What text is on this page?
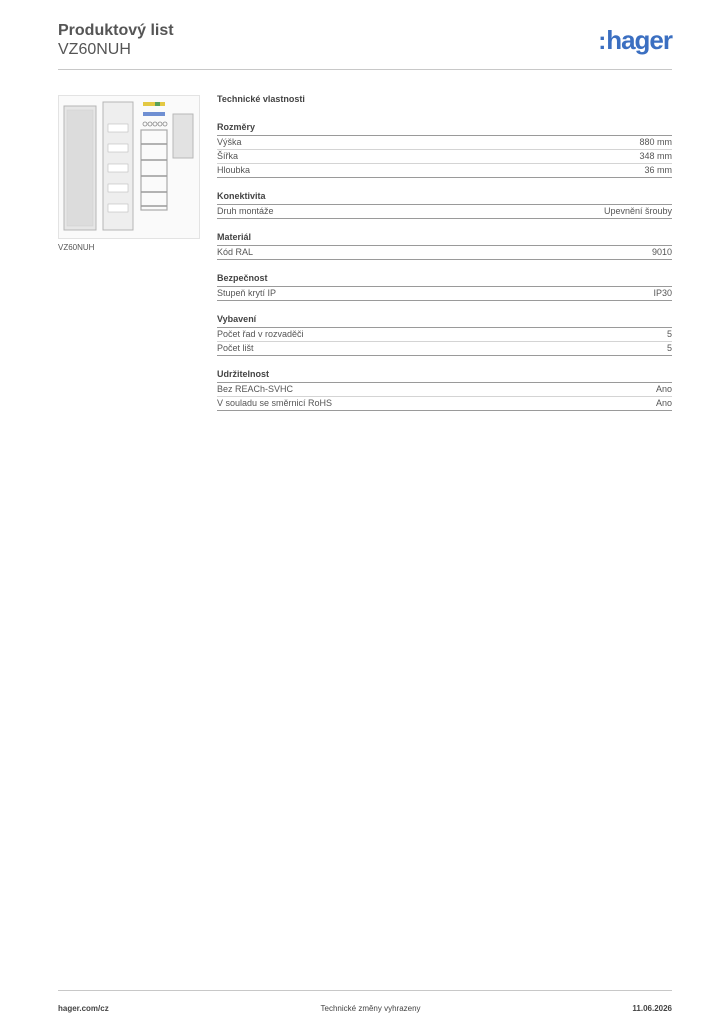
Produktový list

VZ60NUH	:hager
VZ60NUH

Technické vlastnosti

Rozměry
Výška	880 mm
Šířka	348 mm
Hloubka	36 mm
Konektivita
Druh montáže	Upevnění šrouby
Materiál
Kód RAL	9010
Bezpečnost
Stupeň krytí IP	IP30
Vybavení
Počet řad v rozvaděči	5
Počet lišt	5
Udržitelnost
Bez REACh-SVHC	Ano
V souladu se směrnicí RoHS	Ano
hager.com/cz	Technické změny vyhrazeny	11.06.2026
